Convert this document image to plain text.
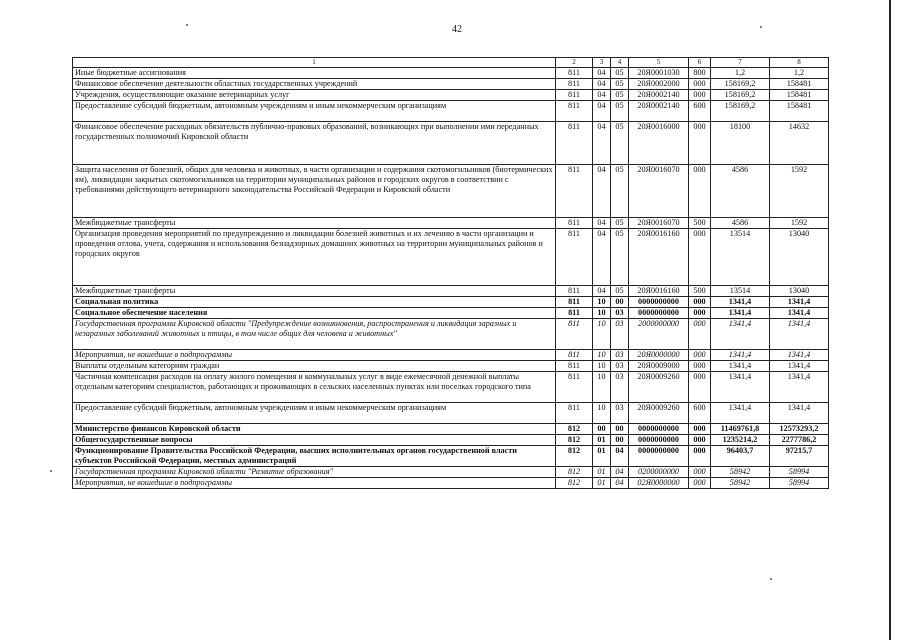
42
1	2	3	4	5	6	7	8
Иные бюджетные ассигнования	811	04	05	20Я0001030	800	1,2	1,2
Финансовое обеспечение деятельности областных государственных учреждений	811	04	05	20Я0002000	000	158169,2	158481
Учреждения, осуществляющие оказание ветеринарных услуг	811	04	05	20Я0002140	000	158169,2	158481
Предоставление субсидий бюджетным, автономным учреждениям и иным некоммерческим организациям	811	04	05	20Я0002140	600	158169,2	158481
Финансовое обеспечение расходных обязательств публично-правовых образований, возникающих при выполнении ими переданных государственных полномочий Кировской области	811	04	05	20Я0016000	000	18100	14632
Защита населения от болезней, общих для человека и животных, в части организации и содержания скотомогильников (биотермических ям), ликвидации закрытых скотомогильников на территории муниципальных районов и городских округов в соответствии с требованиями действующего ветеринарного законодательства Российской Федерации и Кировской области	811	04	05	20Я0016070	000	4586	1592
Межбюджетные трансферты	811	04	05	20Я0016070	500	4586	1592
Организация проведения мероприятий по предупреждению и ликвидации болезней животных и их лечению в части организации и проведения отлова, учета, содержания и использования безнадзорных домашних животных на территории муниципальных районов и городских округов	811	04	05	20Я0016160	000	13514	13040
Межбюджетные трансферты	811	04	05	20Я0016160	500	13514	13040
Социальная политика	811	10	00	0000000000	000	1341,4	1341,4
Социальное обеспечение населения	811	10	03	0000000000	000	1341,4	1341,4
Государственная программа Кировской области "Предупреждение возникновения, распространения и ликвидация заразных и незаразных заболеваний животных и птицы, в том числе общих для человека и животных"	811	10	03	2000000000	000	1341,4	1341,4
Мероприятия, не вошедшие в подпрограммы	811	10	03	20Я0000000	000	1341,4	1341,4
Выплаты отдельным категориям граждан	811	10	03	20Я0009000	000	1341,4	1341,4
Частичная компенсация расходов на оплату жилого помещения и коммунальных услуг в виде ежемесячной денежной выплаты отдельным категориям специалистов, работающих и проживающих в сельских населенных пунктах или поселках городского типа	811	10	03	20Я0009260	000	1341,4	1341,4
Предоставление субсидий бюджетным, автономным учреждениям и иным некоммерческим организациям	811	10	03	20Я0009260	600	1341,4	1341,4
Министерство финансов Кировской области	812	00	00	0000000000	000	11469761,8	12573293,2
Общегосударственные вопросы	812	01	00	0000000000	000	1235214,2	2277786,2
Функционирование Правительства Российской Федерации, высших исполнительных органов государственной власти субъектов Российской Федерации, местных администраций	812	01	04	0000000000	000	96403,7	97215,7
Государственная программа Кировской области "Развитие образования"	812	01	04	0200000000	000	58942	58994
Мероприятия, не вошедшие в подпрограммы	812	01	04	02Я0000000	000	58942	58994
